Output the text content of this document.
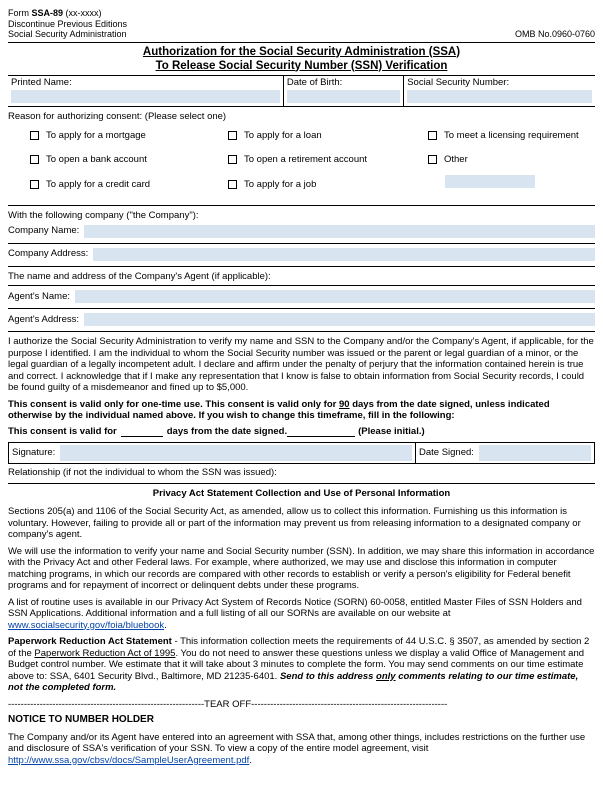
Form SSA-89 (xx-xxxx)
Discontinue Previous Editions
Social Security Administration	OMB No.0960-0760
Authorization for the Social Security Administration (SSA)
To Release Social Security Number (SSN) Verification
Printed Name:	Date of Birth:	Social Security Number:
Reason for authorizing consent: (Please select one)
To apply for a mortgage
To open a bank account
To apply for a credit card
To apply for a loan
To open a retirement account
To apply for a job
To meet a licensing requirement
Other
With the following company ("the Company"):
Company Name:
Company Address:
The name and address of the Company's Agent (if applicable):
Agent's Name:
Agent's Address:

I authorize the Social Security Administration to verify my name and SSN to the Company and/or the Company's Agent, if applicable, for the purpose I identified. I am the individual to whom the Social Security number was issued or the parent or legal guardian of a minor, or the legal guardian of a legally incompetent adult. I declare and affirm under the penalty of perjury that the information contained herein is true and correct. I acknowledge that if I make any representation that I know is false to obtain information from Social Security records, I could be found guilty of a misdemeanor and fined up to $5,000.

This consent is valid only for one-time use. This consent is valid only for 90 days from the date signed, unless indicated otherwise by the individual named above. If you wish to change this timeframe, fill in the following:

This consent is valid for	days from the date signed.	(Please initial.)

Signature:	Date Signed:
Relationship (if not the individual to whom the SSN was issued):
Privacy Act Statement Collection and Use of Personal Information

Sections 205(a) and 1106 of the Social Security Act, as amended, allow us to collect this information. Furnishing us this information is voluntary. However, failing to provide all or part of the information may prevent us from releasing information to a designated company or company's agent.

We will use the information to verify your name and Social Security number (SSN). In addition, we may share this information in accordance with the Privacy Act and other Federal laws. For example, where authorized, we may use and disclose this information in computer matching programs, in which our records are compared with other records to establish or verify a person's eligibility for Federal benefit programs and for repayment of incorrect or delinquent debts under these programs.

A list of routine uses is available in our Privacy Act System of Records Notice (SORN) 60-0058, entitled Master Files of SSN Holders and SSN Applications. Additional information and a full listing of all our SORNs are available on our website at www.socialsecurity.gov/foia/bluebook.

Paperwork Reduction Act Statement - This information collection meets the requirements of 44 U.S.C. § 3507, as amended by section 2 of the Paperwork Reduction Act of 1995. You do not need to answer these questions unless we display a valid Office of Management and Budget control number. We estimate that it will take about 3 minutes to complete the form. You may send comments on our time estimate above to: SSA, 6401 Security Blvd., Baltimore, MD 21235-6401. Send to this address only comments relating to our time estimate, not the completed form.

--------------------------------------------------------------TEAR OFF--------------------------------------------------------------
NOTICE TO NUMBER HOLDER

The Company and/or its Agent have entered into an agreement with SSA that, among other things, includes restrictions on the further use and disclosure of SSA's verification of your SSN. To view a copy of the entire model agreement, visit http://www.ssa.gov/cbsv/docs/SampleUserAgreement.pdf.
